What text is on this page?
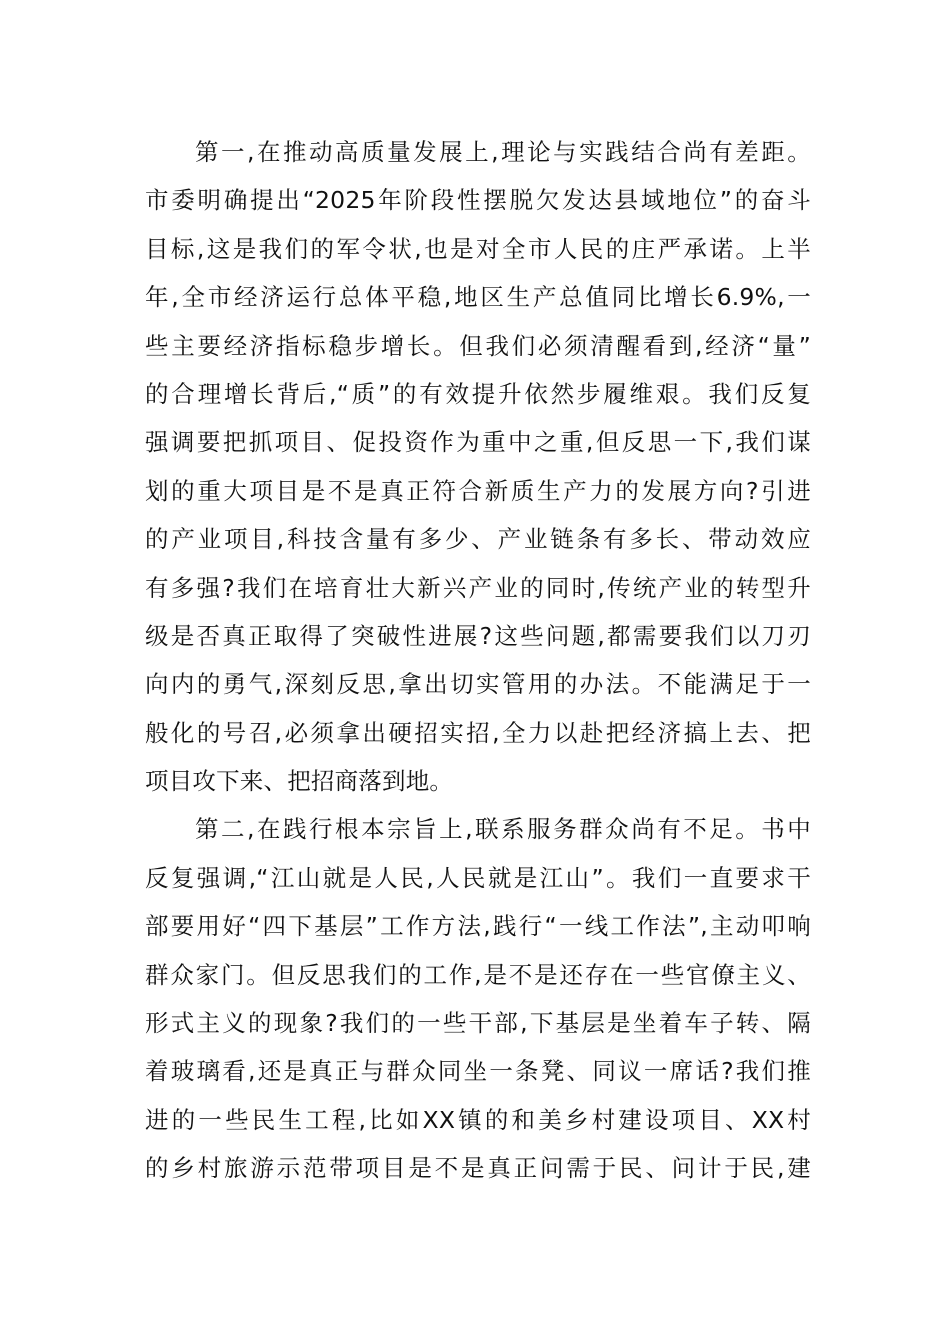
第一,在推动高质量发展上,理论与实践结合尚有差距。
市委明确提出“2025年阶段性摆脱欠发达县域地位”的奋斗
目标,这是我们的军令状,也是对全市人民的庄严承诺。上半
年,全市经济运行总体平稳,地区生产总值同比增长6.9%,一
些主要经济指标稳步增长。但我们必须清醒看到,经济“量”
的合理增长背后,“质”的有效提升依然步履维艰。我们反复
强调要把抓项目、促投资作为重中之重,但反思一下,我们谋
划的重大项目是不是真正符合新质生产力的发展方向?引进
的产业项目,科技含量有多少、产业链条有多长、带动效应
有多强?我们在培育壮大新兴产业的同时,传统产业的转型升
级是否真正取得了突破性进展?这些问题,都需要我们以刀刃
向内的勇气,深刻反思,拿出切实管用的办法。不能满足于一
般化的号召,必须拿出硬招实招,全力以赴把经济搞上去、把
项目攻下来、把招商落到地。
第二,在践行根本宗旨上,联系服务群众尚有不足。书中
反复强调,“江山就是人民,人民就是江山”。我们一直要求干
部要用好“四下基层”工作方法,践行“一线工作法”,主动叩响
群众家门。但反思我们的工作,是不是还存在一些官僚主义、
形式主义的现象?我们的一些干部,下基层是坐着车子转、隔
着玻璃看,还是真正与群众同坐一条凳、同议一席话?我们推
进的一些民生工程,比如XX镇的和美乡村建设项目、XX村
的乡村旅游示范带项目是不是真正问需于民、问计于民,建
